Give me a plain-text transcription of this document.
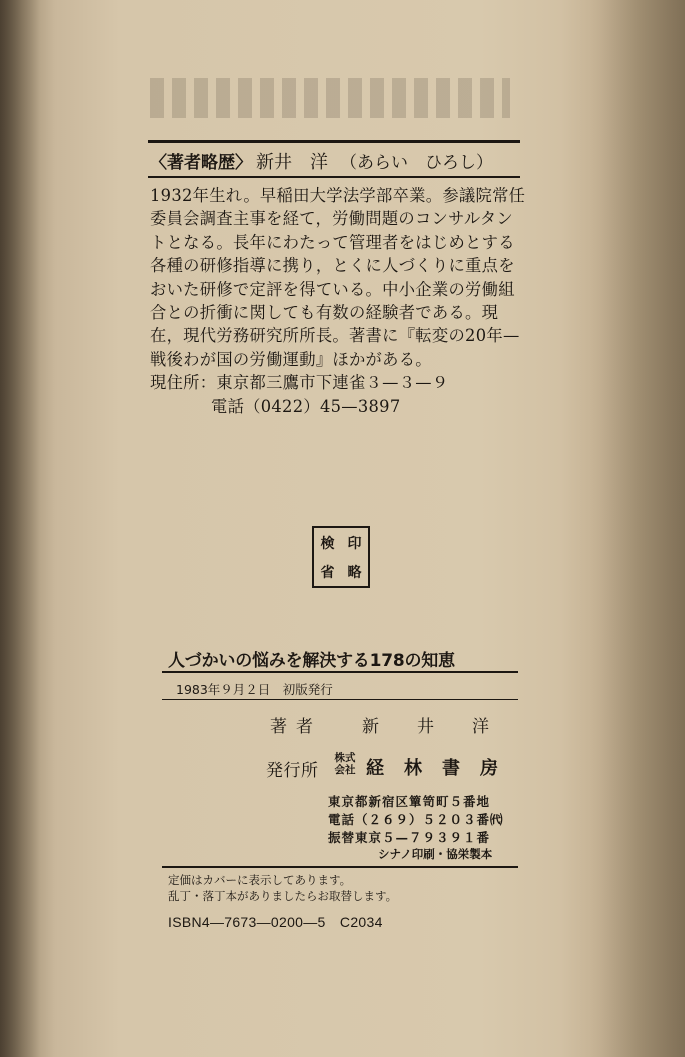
〈著者略歴〉 新井　洋 （あらい　ひろし）
1932年生れ。早稲田大学法学部卒業。参議院常任
委員会調査主事を経て，労働問題のコンサルタン
トとなる。長年にわたって管理者をはじめとする
各種の研修指導に携り，とくに人づくりに重点を
おいた研修で定評を得ている。中小企業の労働組
合との折衝に関しても有数の経験者である。現
在，現代労務研究所所長。著書に『転変の20年—
戦後わが国の労働運動』ほかがある。
現住所：東京都三鷹市下連雀３—３—９
電話（0422）45—3897
検 印
省 略
人づかいの悩みを解決する178の知恵
1983年９月２日　初版発行
著者 新井洋
発行所
株式
会社 経林書房
東京都新宿区簞笥町５番地
電話（２６９）５２０３番㈹
振替東京５—７９３９１番
シナノ印刷・協栄製本
定価はカバーに表示してあります。
乱丁・落丁本がありましたらお取替します。
ISBN4—7673—0200—5　C2034
